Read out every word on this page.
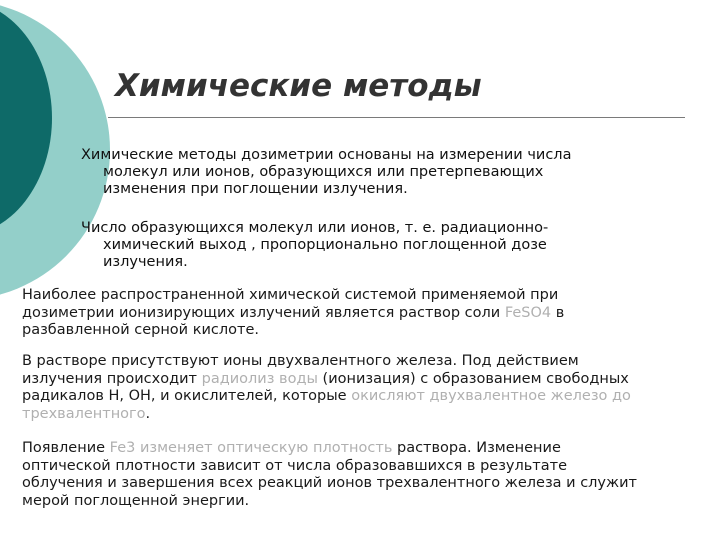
Химические методы

Химические методы дозиметрии основаны на измерении числа
молекул или ионов, образующихся или претерпевающих
изменения при поглощении излучения.

Число образующихся молекул или ионов, т. е. радиационно-
химический выход , пропорционально поглощенной дозе
излучения.

Наиболее распространенной химической системой применяемой при
дозиметрии ионизирующих излучений является раствор соли FeSO4 в
разбавленной серной кислоте.

В растворе присутствуют ионы двухвалентного железа. Под действием
излучения происходит радиолиз воды (ионизация) с образованием свободных
радикалов Н, ОН, и окислителей, которые окисляют двухвалентное железо до
трехвалентного.

Появление Fe3 изменяет оптическую плотность раствора. Изменение
оптической плотности зависит от числа образовавшихся в результате
облучения и завершения всех реакций ионов трехвалентного железа и служит
мерой поглощенной энергии.
